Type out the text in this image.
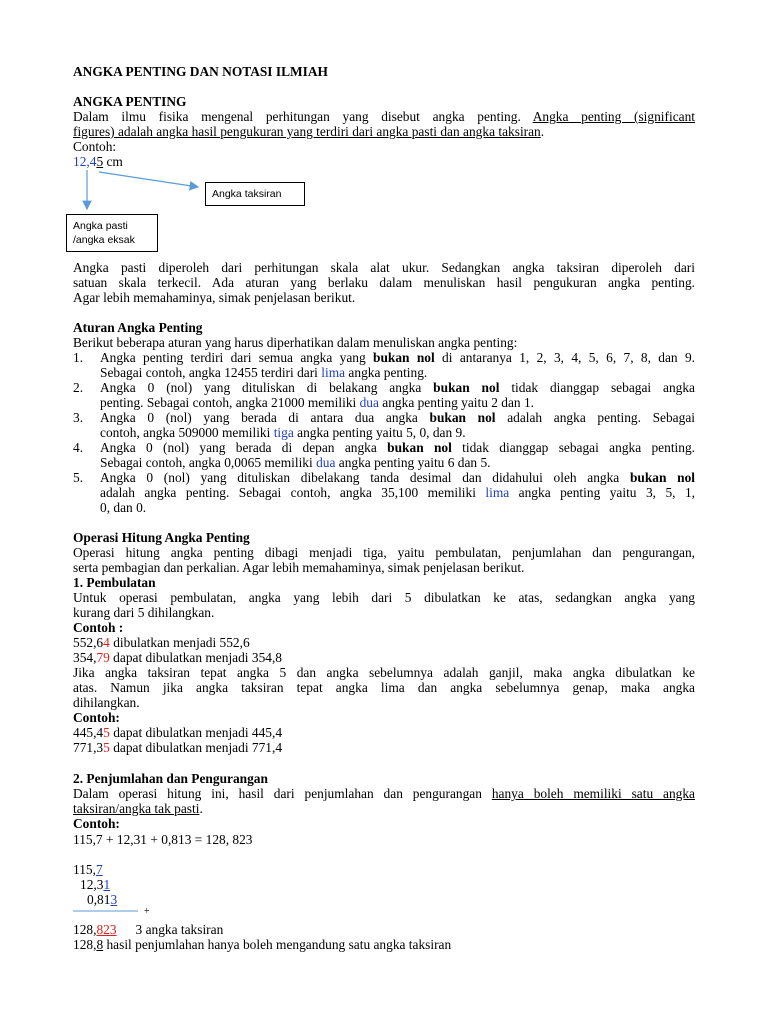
ANGKA PENTING DAN NOTASI ILMIAH
ANGKA PENTING
Dalam ilmu fisika mengenal perhitungan yang disebut angka penting. Angka penting (significant
figures) adalah angka hasil pengukuran yang terdiri dari angka pasti dan angka taksiran.
Contoh:
12,45 cm
Angka taksiran
Angka pasti
/angka eksak
Angka pasti diperoleh dari perhitungan skala alat ukur. Sedangkan angka taksiran diperoleh dari
satuan skala terkecil. Ada aturan yang berlaku dalam menuliskan hasil pengukuran angka penting.
Agar lebih memahaminya, simak penjelasan berikut.
Aturan Angka Penting
Berikut beberapa aturan yang harus diperhatikan dalam menuliskan angka penting:
1. Angka penting terdiri dari semua angka yang bukan nol di antaranya 1, 2, 3, 4, 5, 6, 7, 8, dan 9.
Sebagai contoh, angka 12455 terdiri dari lima angka penting.
2. Angka 0 (nol) yang dituliskan di belakang angka bukan nol tidak dianggap sebagai angka
penting. Sebagai contoh, angka 21000 memiliki dua angka penting yaitu 2 dan 1.
3. Angka 0 (nol) yang berada di antara dua angka bukan nol adalah angka penting. Sebagai
contoh, angka 509000 memiliki tiga angka penting yaitu 5, 0, dan 9.
4. Angka 0 (nol) yang berada di depan angka bukan nol tidak dianggap sebagai angka penting.
Sebagai contoh, angka 0,0065 memiliki dua angka penting yaitu 6 dan 5.
5. Angka 0 (nol) yang dituliskan dibelakang tanda desimal dan didahului oleh angka bukan nol
adalah angka penting. Sebagai contoh, angka 35,100 memiliki lima angka penting yaitu 3, 5, 1,
0, dan 0.
Operasi Hitung Angka Penting
Operasi hitung angka penting dibagi menjadi tiga, yaitu pembulatan, penjumlahan dan pengurangan,
serta pembagian dan perkalian. Agar lebih memahaminya, simak penjelasan berikut.
1. Pembulatan
Untuk operasi pembulatan, angka yang lebih dari 5 dibulatkan ke atas, sedangkan angka yang
kurang dari 5 dihilangkan.
Contoh :
552,64 dibulatkan menjadi 552,6
354,79 dapat dibulatkan menjadi 354,8
Jika angka taksiran tepat angka 5 dan angka sebelumnya adalah ganjil, maka angka dibulatkan ke
atas. Namun jika angka taksiran tepat angka lima dan angka sebelumnya genap, maka angka
dihilangkan.
Contoh:
445,45 dapat dibulatkan menjadi 445,4
771,35 dapat dibulatkan menjadi 771,4
2. Penjumlahan dan Pengurangan
Dalam operasi hitung ini, hasil dari penjumlahan dan pengurangan hanya boleh memiliki satu angka
taksiran/angka tak pasti.
Contoh:
115,7 + 12,31 + 0,813 = 128, 823
115,7
12,31
0,813
+
128,823 3 angka taksiran
128,8 hasil penjumlahan hanya boleh mengandung satu angka taksiran
